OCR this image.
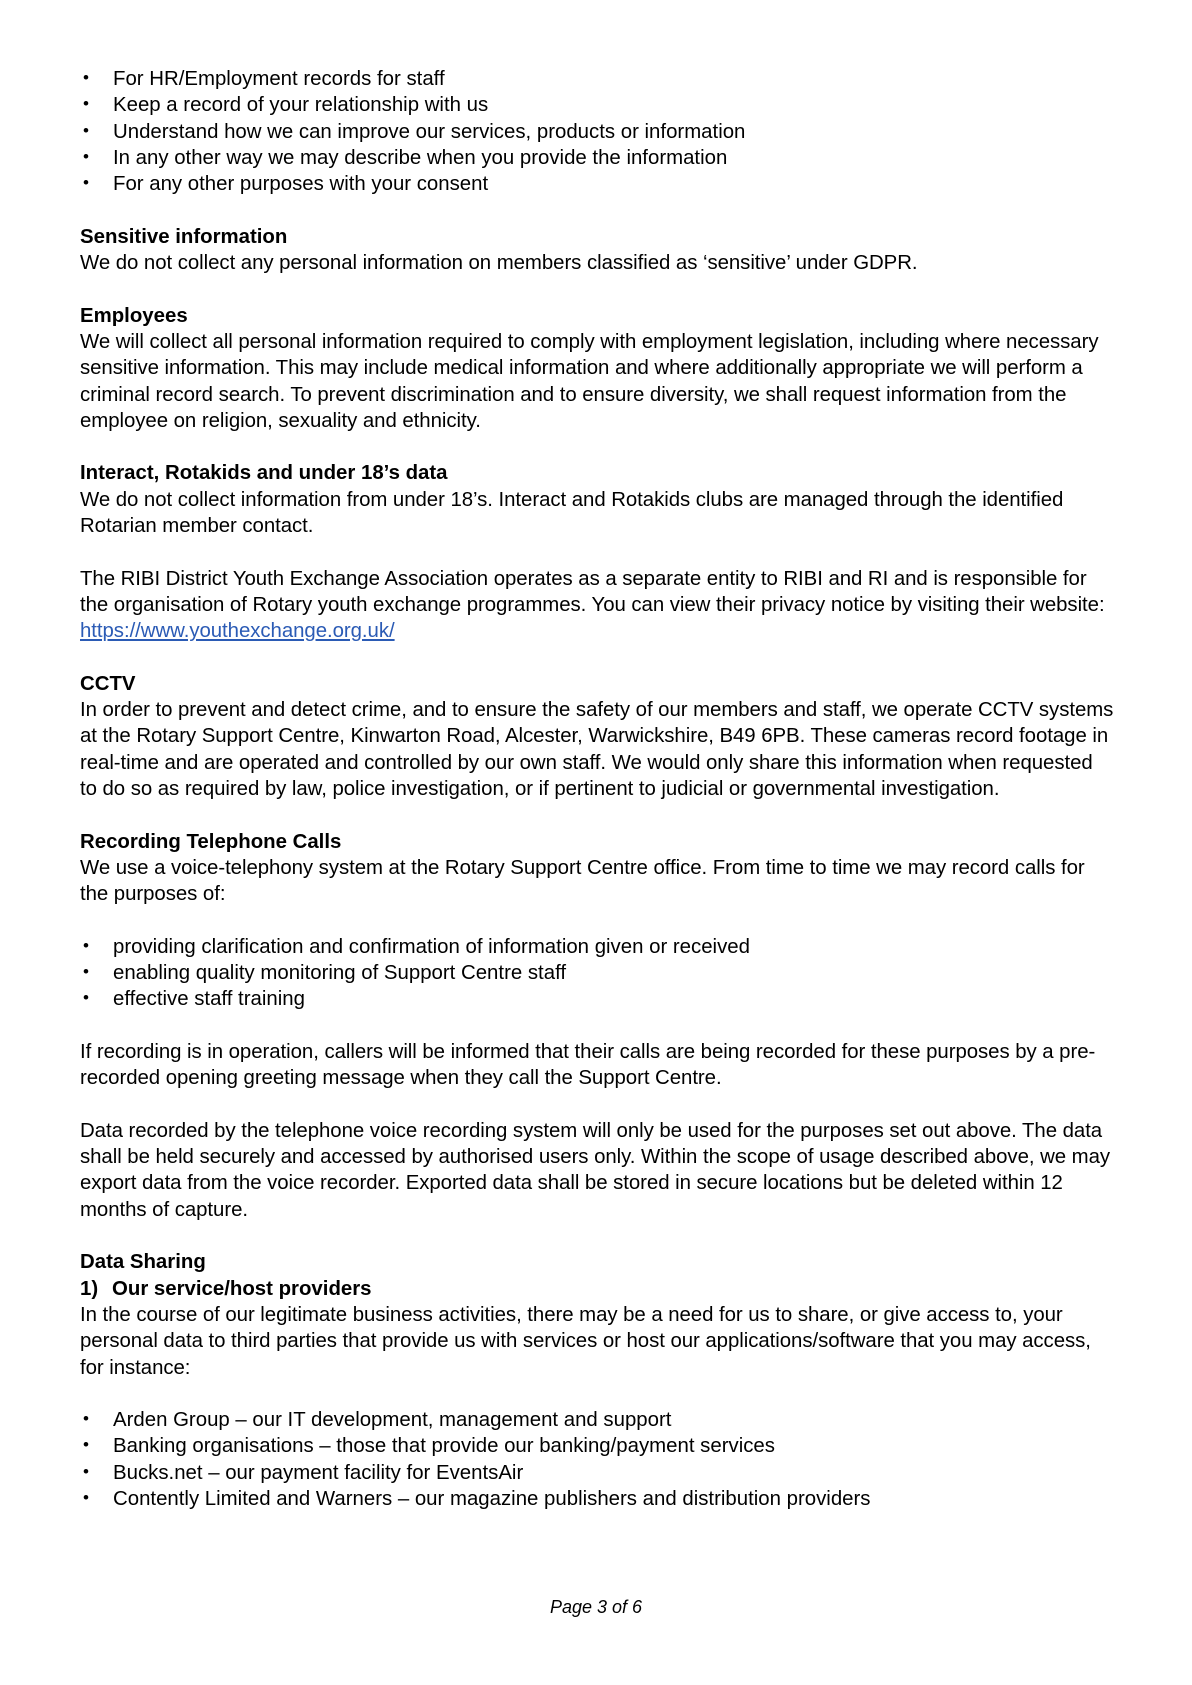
• For HR/Employment records for staff
• Keep a record of your relationship with us
• Understand how we can improve our services, products or information
• In any other way we may describe when you provide the information
• For any other purposes with your consent
Sensitive information

We do not collect any personal information on members classified as ‘sensitive’ under GDPR.

Employees

We will collect all personal information required to comply with employment legislation, including where necessary sensitive information. This may include medical information and where additionally appropriate we will perform a criminal record search. To prevent discrimination and to ensure diversity, we shall request information from the employee on religion, sexuality and ethnicity.

Interact, Rotakids and under 18’s data

We do not collect information from under 18’s. Interact and Rotakids clubs are managed through the identified Rotarian member contact.

The RIBI District Youth Exchange Association operates as a separate entity to RIBI and RI and is responsible for the organisation of Rotary youth exchange programmes. You can view their privacy notice by visiting their website: https://www.youthexchange.org.uk/

CCTV

In order to prevent and detect crime, and to ensure the safety of our members and staff, we operate CCTV systems at the Rotary Support Centre, Kinwarton Road, Alcester, Warwickshire, B49 6PB. These cameras record footage in real-time and are operated and controlled by our own staff. We would only share this information when requested to do so as required by law, police investigation, or if pertinent to judicial or governmental investigation.

Recording Telephone Calls

We use a voice-telephony system at the Rotary Support Centre office. From time to time we may record calls for the purposes of:

• providing clarification and confirmation of information given or received
• enabling quality monitoring of Support Centre staff
• effective staff training

If recording is in operation, callers will be informed that their calls are being recorded for these purposes by a pre-recorded opening greeting message when they call the Support Centre.

Data recorded by the telephone voice recording system will only be used for the purposes set out above. The data shall be held securely and accessed by authorised users only. Within the scope of usage described above, we may export data from the voice recorder. Exported data shall be stored in secure locations but be deleted within 12 months of capture.

Data Sharing
1) Our service/host providers

In the course of our legitimate business activities, there may be a need for us to share, or give access to, your personal data to third parties that provide us with services or host our applications/software that you may access, for instance:

• Arden Group – our IT development, management and support
• Banking organisations – those that provide our banking/payment services
• Bucks.net – our payment facility for EventsAir
• Contently Limited and Warners – our magazine publishers and distribution providers
Page 3 of 6
